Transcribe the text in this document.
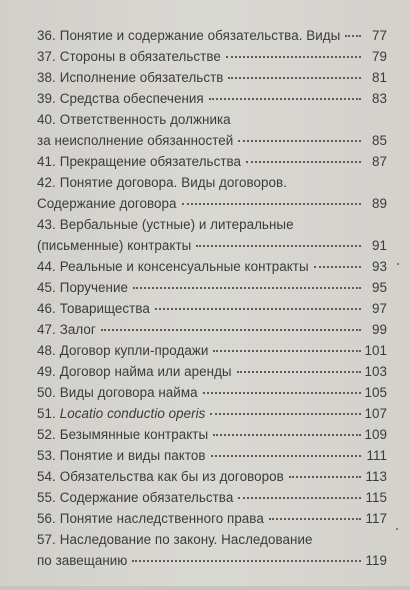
36. Понятие и содержание обязательства. Виды	77
37. Стороны в обязательстве	79
38. Исполнение обязательств	81
39. Средства обеспечения	83
40. Ответственность должника
за неисполнение обязанностей	85
41. Прекращение обязательства	87
42. Понятие договора. Виды договоров.
Содержание договора	89
43. Вербальные (устные) и литеральные
(письменные) контракты	91
44. Реальные и консенсуальные контракты	93
45. Поручение	95
46. Товарищества	97
47. Залог	99
48. Договор купли-продажи	101
49. Договор найма или аренды	103
50. Виды договора найма	105
51. Locatio conductio operis	107
52. Безымянные контракты	109
53. Понятие и виды пактов	111
54. Обязательства как бы из договоров	113
55. Содержание обязательства	115
56. Понятие наследственного права	117
57. Наследование по закону. Наследование
по завещанию	119
